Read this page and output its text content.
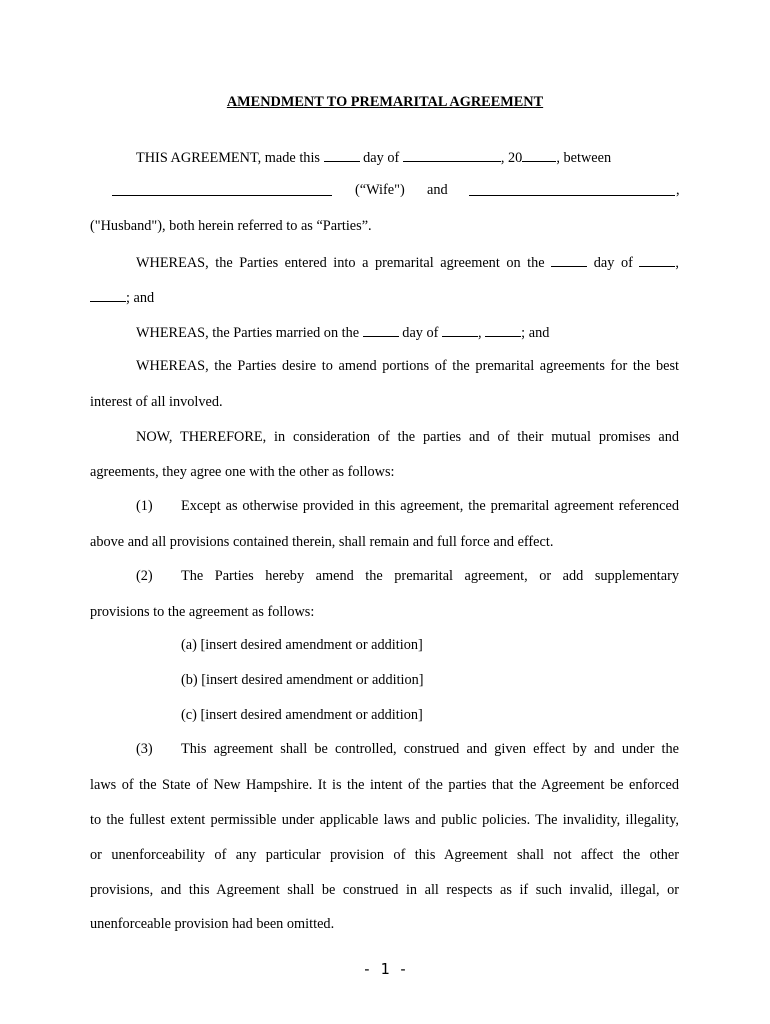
AMENDMENT TO PREMARITAL AGREEMENT
THIS AGREEMENT, made this	day of	, 20 , between
(“Wife") and	,
("Husband"), both herein referred to as “Parties”.
WHEREAS, the Parties entered into a premarital agreement on the	day of	,
; and
WHEREAS, the Parties married on the	day of	,	; and
WHEREAS, the Parties desire to amend portions of the premarital agreements for the best
interest of all involved.
NOW, THEREFORE, in consideration of the parties and of their mutual promises and
agreements, they agree one with the other as follows:
(1) Except as otherwise provided in this agreement, the premarital agreement referenced
above and all provisions contained therein, shall remain and full force and effect.
(2) The Parties hereby amend the premarital agreement, or add supplementary
provisions to the agreement as follows:
(a) [insert desired amendment or addition]
(b) [insert desired amendment or addition]
(c) [insert desired amendment or addition]
(3) This agreement shall be controlled, construed and given effect by and under the
laws of the State of New Hampshire. It is the intent of the parties that the Agreement be enforced
to the fullest extent permissible under applicable laws and public policies. The invalidity, illegality,
or unenforceability of any particular provision of this Agreement shall not affect the other
provisions, and this Agreement shall be construed in all respects as if such invalid, illegal, or
unenforceable provision had been omitted.
- 1 -
